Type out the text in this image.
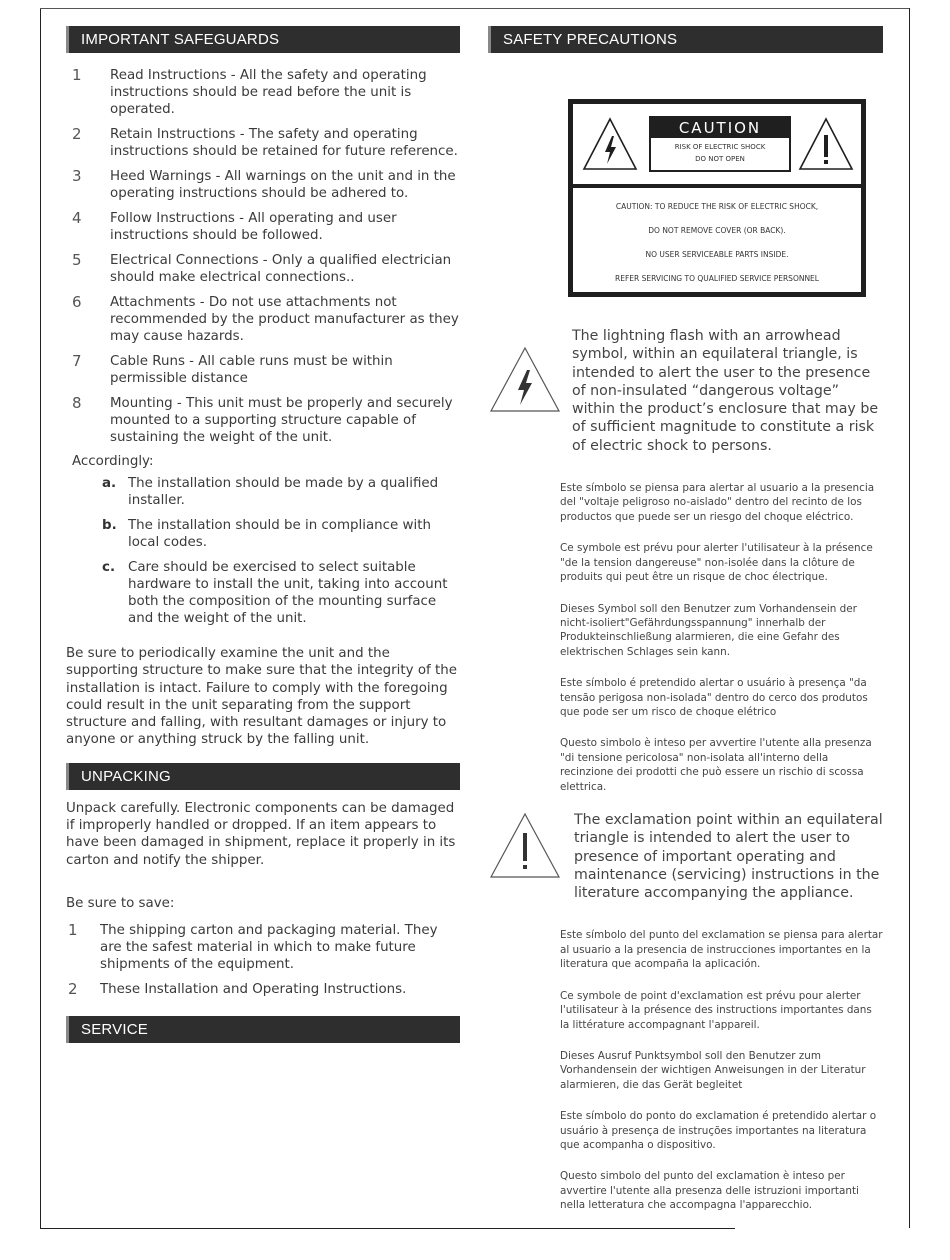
IMPORTANT SAFEGUARDS
1	Read Instructions - All the safety and operating instructions should be read before the unit is operated.
2	Retain Instructions - The safety and operating instructions should be retained for future reference.
3	Heed Warnings - All warnings on the unit and in the operating instructions should be adhered to.
4	Follow Instructions - All operating and user instructions should be followed.
5	Electrical Connections - Only a qualified electrician should make electrical connections..
6	Attachments - Do not use attachments not recommended by the product manufacturer as they may cause hazards.
7	Cable Runs - All cable runs must be within permissible distance
8	Mounting - This unit must be properly and securely mounted to a supporting structure capable of sustaining the weight of the unit.
Accordingly:
a. The installation should be made by a qualified installer.
b. The installation should be in compliance with local codes.
c. Care should be exercised to select suitable hardware to install the unit, taking into account both the composition of the mounting surface and the weight of the unit.

Be sure to periodically examine the unit and the supporting structure to make sure that the integrity of the installation is intact. Failure to comply with the foregoing could result in the unit separating from the support structure and falling, with resultant damages or injury to anyone or anything struck by the falling unit.

UNPACKING

Unpack carefully. Electronic components can be damaged if improperly handled or dropped. If an item appears to have been damaged in shipment, replace it properly in its carton and notify the shipper.

Be sure to save:

1	The shipping carton and packaging material. They are the safest material in which to make future shipments of the equipment.
2	These Installation and Operating Instructions.
SERVICE
SAFETY PRECAUTIONS
CAUTION
RISK OF ELECTRIC SHOCK
DO NOT OPEN
CAUTION: TO REDUCE THE RISK OF ELECTRIC SHOCK,
DO NOT REMOVE COVER (OR BACK).
NO USER SERVICEABLE PARTS INSIDE.
REFER SERVICING TO QUALIFIED SERVICE PERSONNEL
The lightning flash with an arrowhead symbol, within an equilateral triangle, is intended to alert the user to the presence of non-insulated “dangerous voltage” within the product’s enclosure that may be of sufficient magnitude to constitute a risk of electric shock to persons.

Este símbolo se piensa para alertar al usuario a la presencia del "voltaje peligroso no-aislado" dentro del recinto de los productos que puede ser un riesgo del choque eléctrico.

Ce symbole est prévu pour alerter l'utilisateur à la présence "de la tension dangereuse" non-isolée dans la clôture de produits qui peut être un risque de choc électrique.

Dieses Symbol soll den Benutzer zum Vorhandensein der nicht-isoliert"Gefährdungsspannung" innerhalb der Produkteinschließung alarmieren, die eine Gefahr des elektrischen Schlages sein kann.

Este símbolo é pretendido alertar o usuário à presença "da tensão perigosa non-isolada" dentro do cerco dos produtos que pode ser um risco de choque elétrico

Questo simbolo è inteso per avvertire l'utente alla presenza "di tensione pericolosa" non-isolata all'interno della recinzione dei prodotti che può essere un rischio di scossa elettrica.

The exclamation point within an equilateral triangle is intended to alert the user to presence of important operating and maintenance (servicing) instructions in the literature accompanying the appliance.

Este símbolo del punto del exclamation se piensa para alertar al usuario a la presencia de instrucciones importantes en la literatura que acompaña la aplicación.

Ce symbole de point d'exclamation est prévu pour alerter l'utilisateur à la présence des instructions importantes dans la littérature accompagnant l'appareil.

Dieses Ausruf Punktsymbol soll den Benutzer zum Vorhandensein der wichtigen Anweisungen in der Literatur alarmieren, die das Gerät begleitet

Este símbolo do ponto do exclamation é pretendido alertar o usuário à presença de instruções importantes na literatura que acompanha o dispositivo.

Questo simbolo del punto del exclamation è inteso per avvertire l'utente alla presenza delle istruzioni importanti nella letteratura che accompagna l'apparecchio.
